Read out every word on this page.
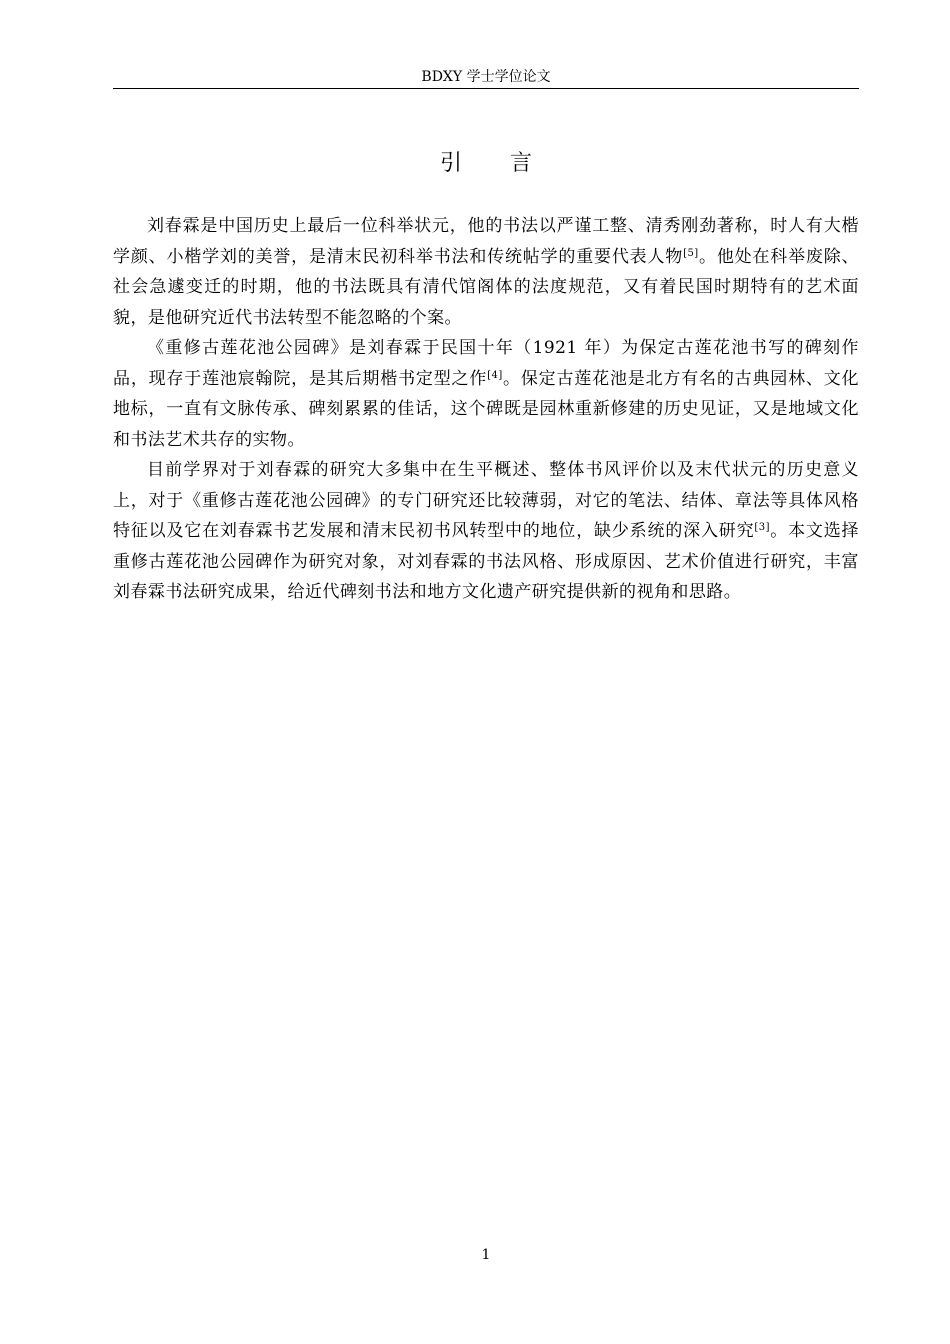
BDXY 学士学位论文
引言

刘春霖是中国历史上最后一位科举状元，他的书法以严谨工整、清秀刚劲著称，时人有大楷学颜、小楷学刘的美誉，是清末民初科举书法和传统帖学的重要代表人物[5]。他处在科举废除、社会急遽变迁的时期，他的书法既具有清代馆阁体的法度规范，又有着民国时期特有的艺术面貌，是他研究近代书法转型不能忽略的个案。

《重修古莲花池公园碑》是刘春霖于民国十年（1921 年）为保定古莲花池书写的碑刻作品，现存于莲池宸翰院，是其后期楷书定型之作[4]。保定古莲花池是北方有名的古典园林、文化地标，一直有文脉传承、碑刻累累的佳话，这个碑既是园林重新修建的历史见证，又是地域文化和书法艺术共存的实物。

目前学界对于刘春霖的研究大多集中在生平概述、整体书风评价以及末代状元的历史意义上，对于《重修古莲花池公园碑》的专门研究还比较薄弱，对它的笔法、结体、章法等具体风格特征以及它在刘春霖书艺发展和清末民初书风转型中的地位，缺少系统的深入研究[3]。本文选择重修古莲花池公园碑作为研究对象，对刘春霖的书法风格、形成原因、艺术价值进行研究，丰富刘春霖书法研究成果，给近代碑刻书法和地方文化遗产研究提供新的视角和思路。

1
